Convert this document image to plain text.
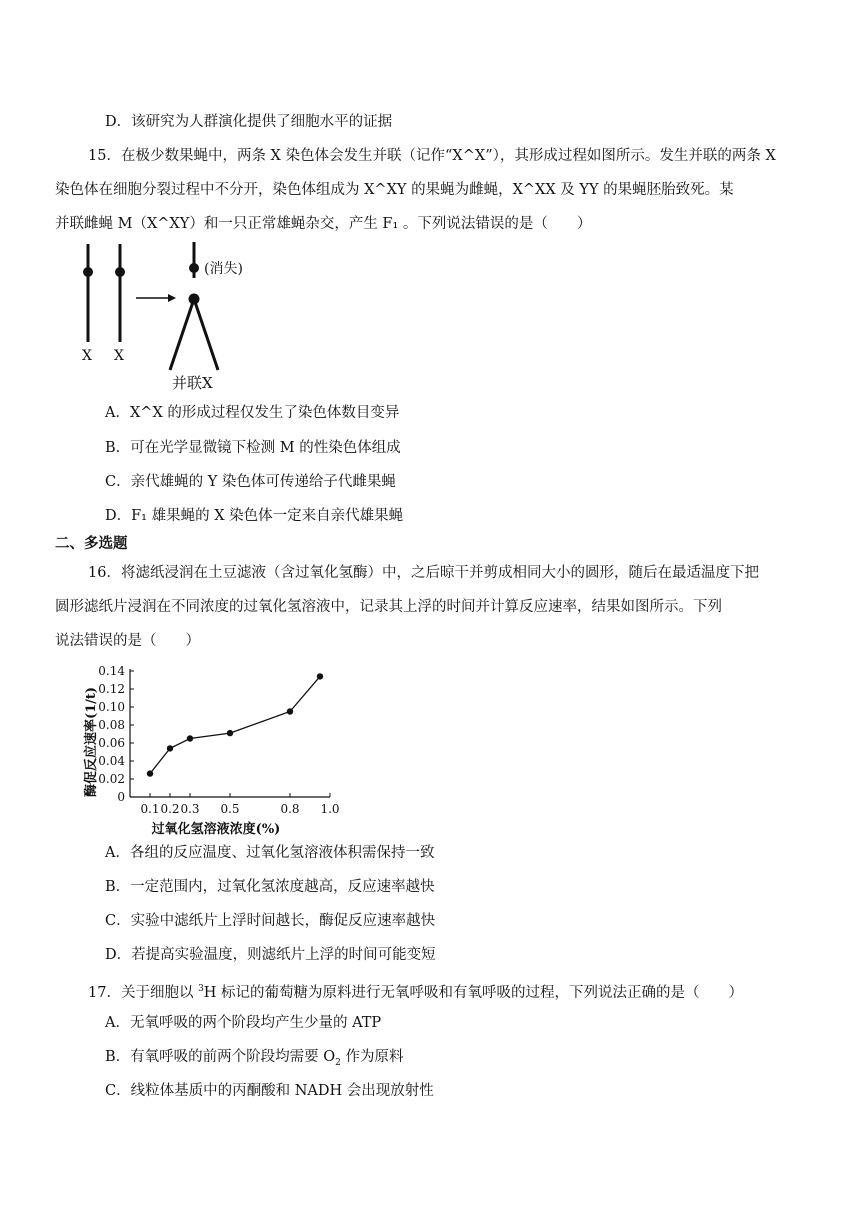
D．该研究为人群演化提供了细胞水平的证据
15．在极少数果蝇中，两条 X 染色体会发生并联（记作“X^X”），其形成过程如图所示。发生并联的两条 X
染色体在细胞分裂过程中不分开，染色体组成为 X^XY 的果蝇为雌蝇，X^XX 及 YY 的果蝇胚胎致死。某
并联雌蝇 M（X^XY）和一只正常雄蝇杂交，产生 F₁ 。下列说法错误的是（　　）
X X
(消失)
并联X
A．X^X 的形成过程仅发生了染色体数目变异
B．可在光学显微镜下检测 M 的性染色体组成
C．亲代雄蝇的 Y 染色体可传递给子代雌果蝇
D．F₁ 雄果蝇的 X 染色体一定来自亲代雄果蝇
二、多选题
16．将滤纸浸润在土豆滤液（含过氧化氢酶）中，之后晾干并剪成相同大小的圆形，随后在最适温度下把
圆形滤纸片浸润在不同浓度的过氧化氢溶液中，记录其上浮的时间并计算反应速率，结果如图所示。下列
说法错误的是（　　）
0
0.02
0.04
0.06
0.08
0.10
0.12
0.14
0.1 0.2 0.3 0.5	0.8 1.0
酶促反应速率(1/t)
过氧化氢溶液浓度(%)
A．各组的反应温度、过氧化氢溶液体积需保持一致
B．一定范围内，过氧化氢浓度越高，反应速率越快
C．实验中滤纸片上浮时间越长，酶促反应速率越快
D．若提高实验温度，则滤纸片上浮的时间可能变短
17．关于细胞以 $^3$H 标记的葡萄糖为原料进行无氧呼吸和有氧呼吸的过程，下列说法正确的是（　　）
A．无氧呼吸的两个阶段均产生少量的 ATP
B．有氧呼吸的前两个阶段均需要 $O_2$ 作为原料
C．线粒体基质中的丙酮酸和 NADH 会出现放射性
